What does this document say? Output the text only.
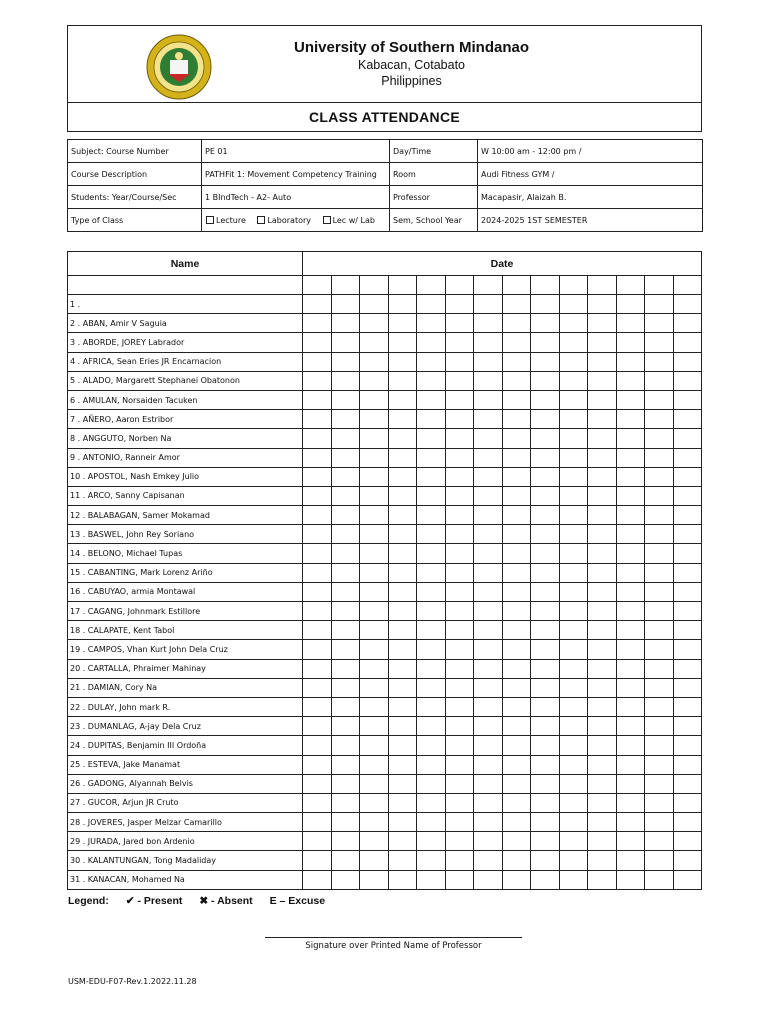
University of Southern Mindanao
Kabacan, Cotabato
Philippines
CLASS ATTENDANCE
Subject: Course Number	PE 01	Day/Time	W 10:00 am - 12:00 pm /
Course Description	PATHFit 1: Movement Competency Training	Room	Audi Fitness GYM /
Students: Year/Course/Sec	1 BIndTech - A2- Auto	Professor	Macapasir, Alaizah B.
Type of Class	Lecture Laboratory Lec w/ Lab	Sem, School Year	2024-2025 1ST SEMESTER
Name	Date													

1 .														
2 . ABAN, Amir V Saguia														
3 . ABORDE, JOREY Labrador														
4 . AFRICA, Sean Eries JR Encarnacion														
5 . ALADO, Margarett Stephanei Obatonon														
6 . AMULAN, Norsaiden Tacuken														
7 . AÑERO, Aaron Estribor														
8 . ANGGUTO, Norben Na														
9 . ANTONIO, Ranneir Amor														
10 . APOSTOL, Nash Emkey Julio														
11 . ARCO, Sanny Capisanan														
12 . BALABAGAN, Samer Mokamad														
13 . BASWEL, John Rey Soriano														
14 . BELONO, Michael Tupas														
15 . CABANTING, Mark Lorenz Ariño														
16 . CABUYAO, armia Montawal														
17 . CAGANG, Johnmark Estillore														
18 . CALAPATE, Kent Tabol														
19 . CAMPOS, Vhan Kurt John Dela Cruz														
20 . CARTALLA, Phraimer Mahinay														
21 . DAMIAN, Cory Na														
22 . DULAY, John mark R.														
23 . DUMANLAG, A-jay Dela Cruz														
24 . DUPITAS, Benjamin III Ordoña														
25 . ESTEVA, Jake Manamat														
26 . GADONG, Alyannah Belvis														
27 . GUCOR, Arjun JR Cruto														
28 . JOVERES, Jasper Melzar Camarillo														
29 . JURADA, Jared bon Ardenio														
30 . KALANTUNGAN, Tong Madaliday														
31 . KANACAN, Mohamed Na														
Legend: ✔ - Present ✖ - Absent E – Excuse
Signature over Printed Name of Professor
USM-EDU-F07-Rev.1.2022.11.28
